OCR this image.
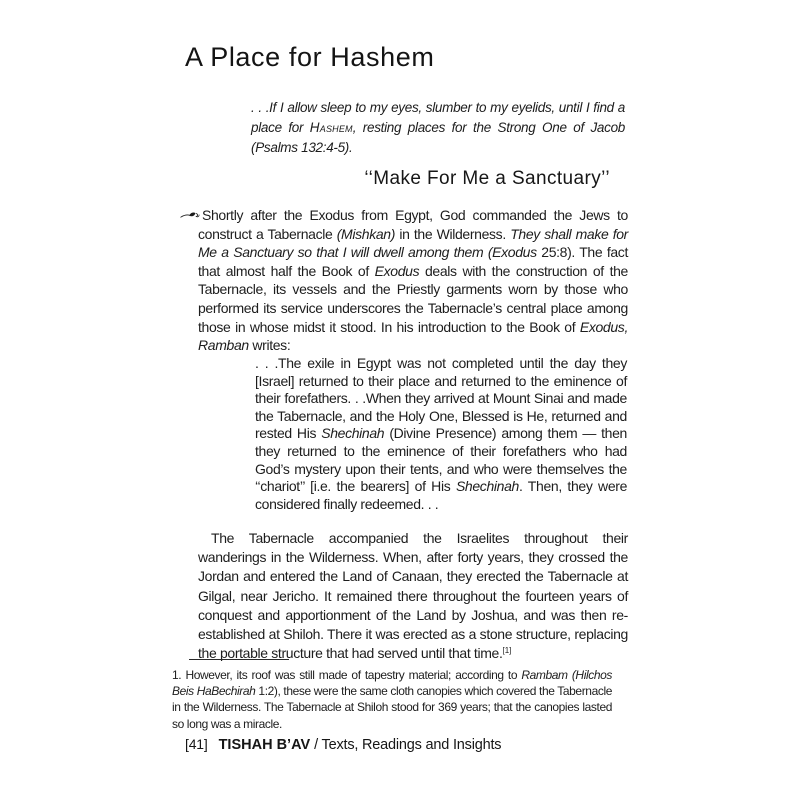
A Place for Hashem
. . .If I allow sleep to my eyes, slumber to my eyelids, until I find a place for Hashem, resting places for the Strong One of Jacob (Psalms 132:4-5).
‘‘Make For Me a Sanctuary’’

Shortly after the Exodus from Egypt, God commanded the Jews to construct a Tabernacle (Mishkan) in the Wilderness. They shall make for Me a Sanctuary so that I will dwell among them (Exodus 25:8). The fact that almost half the Book of Exodus deals with the construction of the Tabernacle, its vessels and the Priestly garments worn by those who performed its service underscores the Tabernacle’s central place among those in whose midst it stood. In his introduction to the Book of Exodus, Ramban writes:

. . .The exile in Egypt was not completed until the day they [Israel] returned to their place and returned to the eminence of their forefathers. . .When they arrived at Mount Sinai and made the Tabernacle, and the Holy One, Blessed is He, returned and rested His Shechinah (Divine Presence) among them — then they returned to the eminence of their forefathers who had God’s mystery upon their tents, and who were themselves the ‘‘chariot’’ [i.e. the bearers] of His Shechinah. Then, they were considered finally redeemed. . .

The Tabernacle accompanied the Israelites throughout their wanderings in the Wilderness. When, after forty years, they crossed the Jordan and entered the Land of Canaan, they erected the Tabernacle at Gilgal, near Jericho. It remained there throughout the fourteen years of conquest and apportionment of the Land by Joshua, and was then re-established at Shiloh. There it was erected as a stone structure, replacing the portable structure that had served until that time.[1]

1. However, its roof was still made of tapestry material; according to Rambam (Hilchos Beis HaBechirah 1:2), these were the same cloth canopies which covered the Tabernacle in the Wilderness. The Tabernacle at Shiloh stood for 369 years; that the canopies lasted so long was a miracle.
[41] TISHAH B’AV / Texts, Readings and Insights
